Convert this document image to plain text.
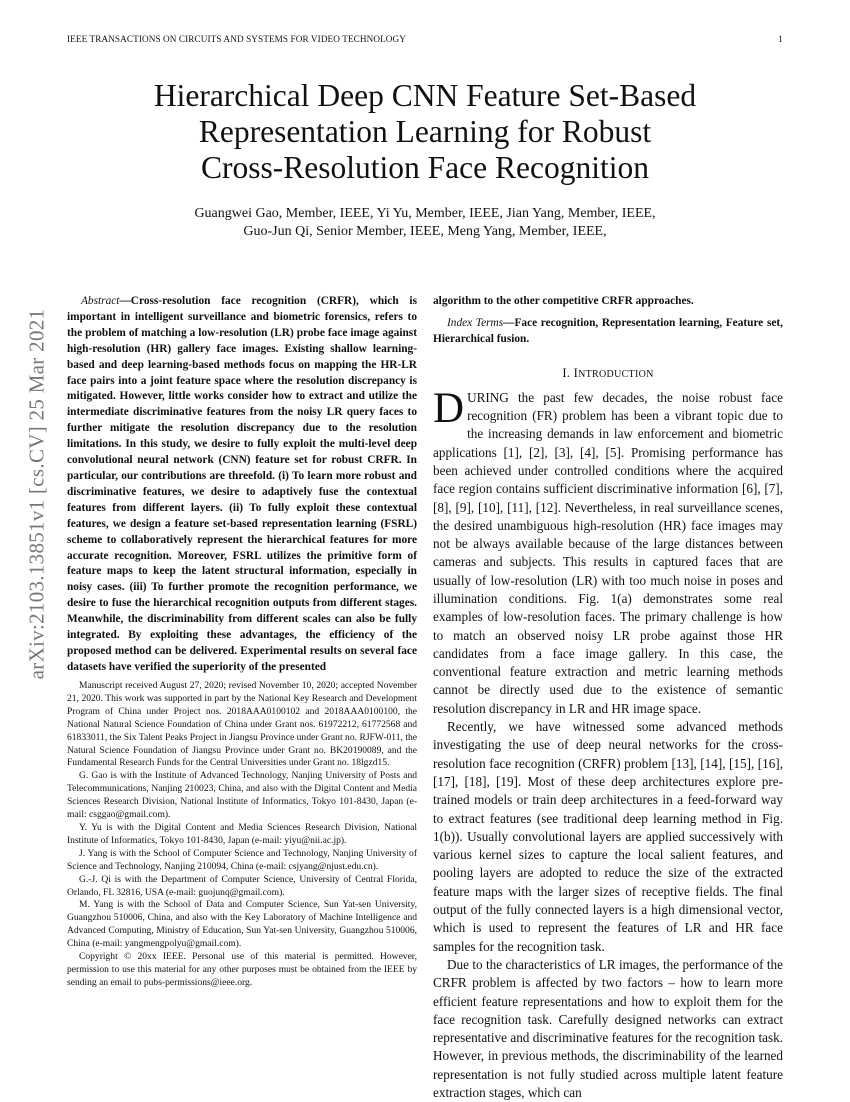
IEEE TRANSACTIONS ON CIRCUITS AND SYSTEMS FOR VIDEO TECHNOLOGY	1
arXiv:2103.13851v1 [cs.CV] 25 Mar 2021
Hierarchical Deep CNN Feature Set-Based
Representation Learning for Robust
Cross-Resolution Face Recognition
Guangwei Gao, Member, IEEE, Yi Yu, Member, IEEE, Jian Yang, Member, IEEE,
Guo-Jun Qi, Senior Member, IEEE, Meng Yang, Member, IEEE,

Abstract—Cross-resolution face recognition (CRFR), which is important in intelligent surveillance and biometric forensics, refers to the problem of matching a low-resolution (LR) probe face image against high-resolution (HR) gallery face images. Existing shallow learning-based and deep learning-based methods focus on mapping the HR-LR face pairs into a joint feature space where the resolution discrepancy is mitigated. However, little works consider how to extract and utilize the intermediate discriminative features from the noisy LR query faces to further mitigate the resolution discrepancy due to the resolution limitations. In this study, we desire to fully exploit the multi-level deep convolutional neural network (CNN) feature set for robust CRFR. In particular, our contributions are threefold. (i) To learn more robust and discriminative features, we desire to adaptively fuse the contextual features from different layers. (ii) To fully exploit these contextual features, we design a feature set-based representation learning (FSRL) scheme to collaboratively represent the hierarchical features for more accurate recognition. Moreover, FSRL utilizes the primitive form of feature maps to keep the latent structural information, especially in noisy cases. (iii) To further promote the recognition performance, we desire to fuse the hierarchical recognition outputs from different stages. Meanwhile, the discriminability from different scales can also be fully integrated. By exploiting these advantages, the efficiency of the proposed method can be delivered. Experimental results on several face datasets have verified the superiority of the presented

algorithm to the other competitive CRFR approaches.

Index Terms—Face recognition, Representation learning, Feature set, Hierarchical fusion.

I. INTRODUCTION

DURING the past few decades, the noise robust face recognition (FR) problem has been a vibrant topic due to the increasing demands in law enforcement and biometric applications [1], [2], [3], [4], [5]. Promising performance has been achieved under controlled conditions where the acquired face region contains sufficient discriminative information [6], [7], [8], [9], [10], [11], [12]. Nevertheless, in real surveillance scenes, the desired unambiguous high-resolution (HR) face images may not be always available because of the large distances between cameras and subjects. This results in captured faces that are usually of low-resolution (LR) with too much noise in poses and illumination conditions. Fig. 1(a) demonstrates some real examples of low-resolution faces. The primary challenge is how to match an observed noisy LR probe against those HR candidates from a face image gallery. In this case, the conventional feature extraction and metric learning methods cannot be directly used due to the existence of semantic resolution discrepancy in LR and HR image space.

Recently, we have witnessed some advanced methods investigating the use of deep neural networks for the cross-resolution face recognition (CRFR) problem [13], [14], [15], [16], [17], [18], [19]. Most of these deep architectures explore pre-trained models or train deep architectures in a feed-forward way to extract features (see traditional deep learning method in Fig. 1(b)). Usually convolutional layers are applied successively with various kernel sizes to capture the local salient features, and pooling layers are adopted to reduce the size of the extracted feature maps with the larger sizes of receptive fields. The final output of the fully connected layers is a high dimensional vector, which is used to represent the features of LR and HR face samples for the recognition task.

Due to the characteristics of LR images, the performance of the CRFR problem is affected by two factors – how to learn more efficient feature representations and how to exploit them for the face recognition task. Carefully designed networks can extract representative and discriminative features for the recognition task. However, in previous methods, the discriminability of the learned representation is not fully studied across multiple latent feature extraction stages, which can

Manuscript received August 27, 2020; revised November 10, 2020; accepted November 21, 2020. This work was supported in part by the National Key Research and Development Program of China under Project nos. 2018AAA0100102 and 2018AAA0100100, the National Natural Science Foundation of China under Grant nos. 61972212, 61772568 and 61833011, the Six Talent Peaks Project in Jiangsu Province under Grant no. RJFW-011, the Natural Science Foundation of Jiangsu Province under Grant no. BK20190089, and the Fundamental Research Funds for the Central Universities under Grant no. 18lgzd15.

G. Gao is with the Institute of Advanced Technology, Nanjing University of Posts and Telecommunications, Nanjing 210023, China, and also with the Digital Content and Media Sciences Research Division, National Institute of Informatics, Tokyo 101-8430, Japan (e-mail: csggao@gmail.com).

Y. Yu is with the Digital Content and Media Sciences Research Division, National Institute of Informatics, Tokyo 101-8430, Japan (e-mail: yiyu@nii.ac.jp).

J. Yang is with the School of Computer Science and Technology, Nanjing University of Science and Technology, Nanjing 210094, China (e-mail: csjyang@njust.edu.cn).

G.-J. Qi is with the Department of Computer Science, University of Central Florida, Orlando, FL 32816, USA (e-mail: guojunq@gmail.com).

M. Yang is with the School of Data and Computer Science, Sun Yat-sen University, Guangzhou 510006, China, and also with the Key Laboratory of Machine Intelligence and Advanced Computing, Ministry of Education, Sun Yat-sen University, Guangzhou 510006, China (e-mail: yangmengpolyu@gmail.com).

Copyright © 20xx IEEE. Personal use of this material is permitted. However, permission to use this material for any other purposes must be obtained from the IEEE by sending an email to pubs-permissions@ieee.org.
